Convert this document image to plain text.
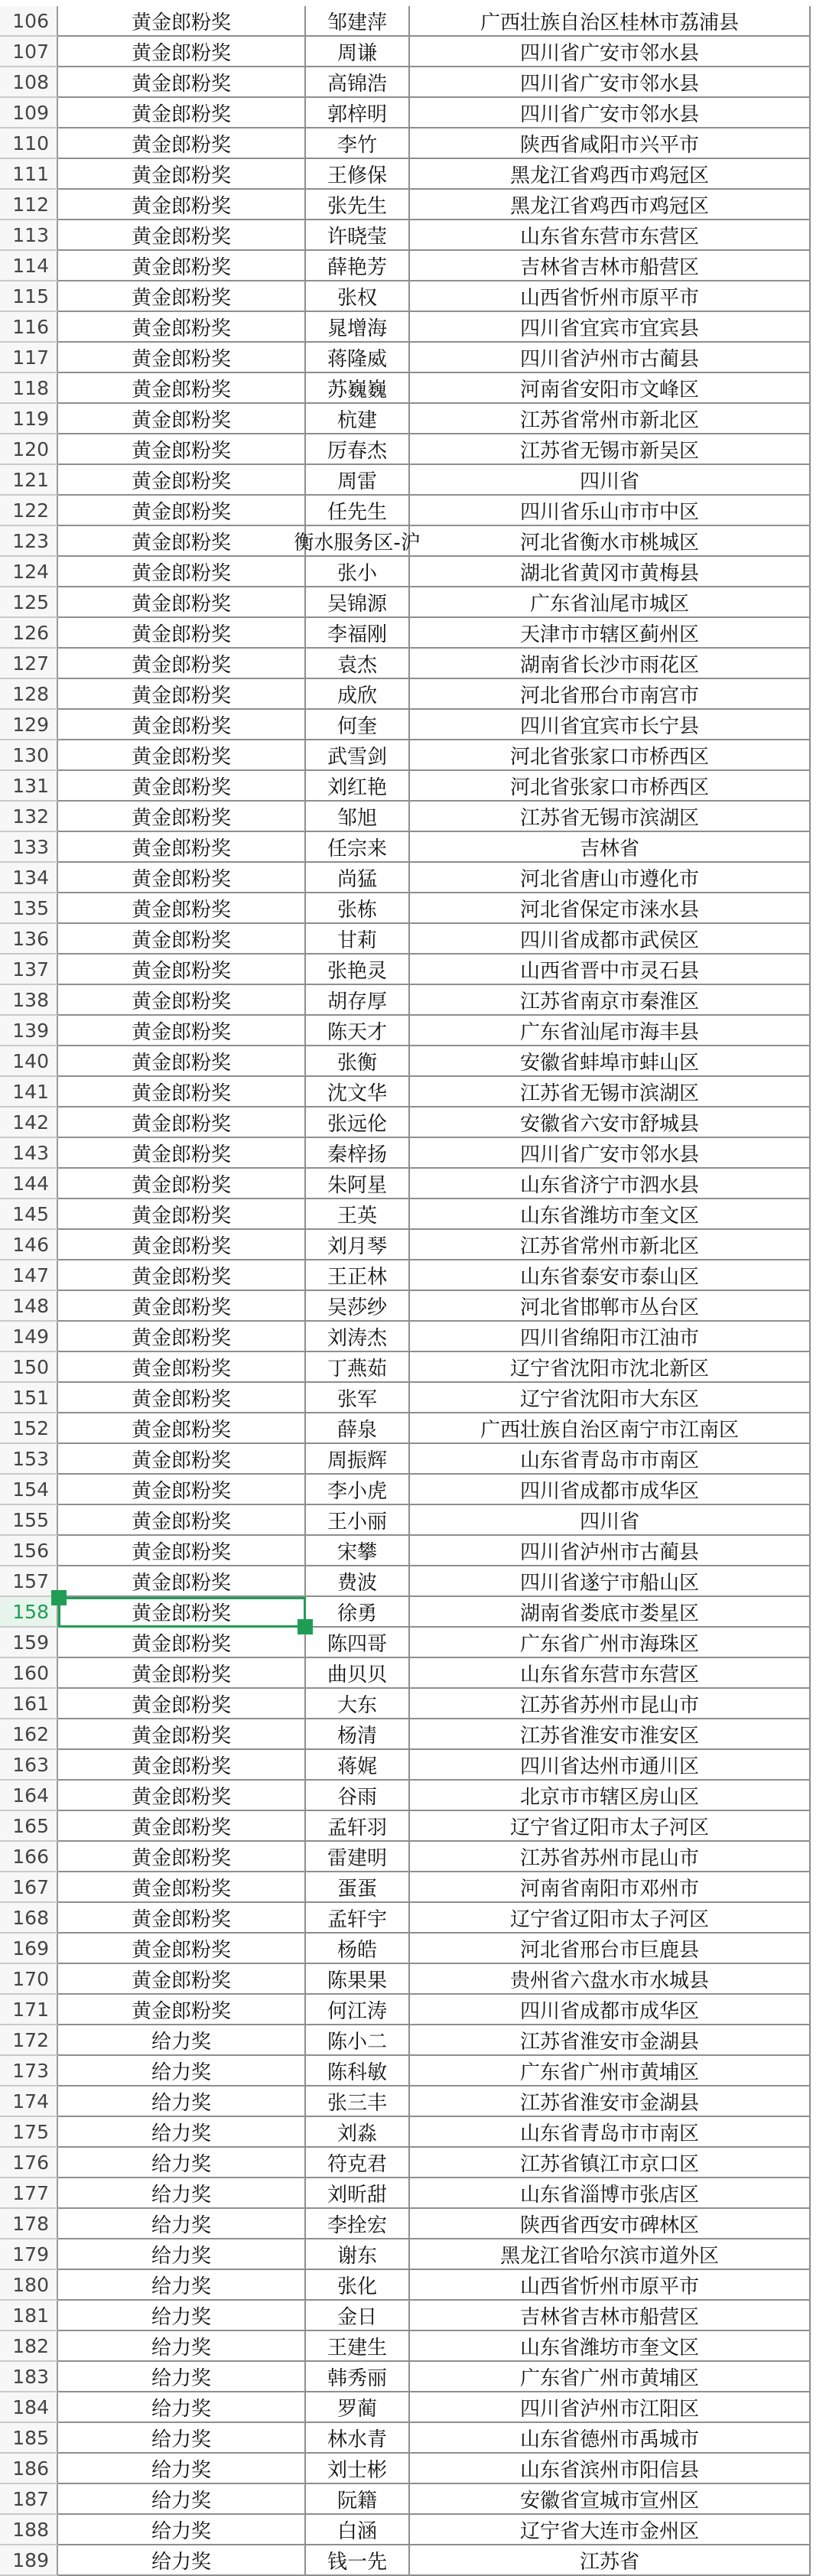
106	黄金郎粉奖	邹建萍	广西壮族自治区桂林市荔浦县
107	黄金郎粉奖	周谦	四川省广安市邻水县
108	黄金郎粉奖	高锦浩	四川省广安市邻水县
109	黄金郎粉奖	郭梓明	四川省广安市邻水县
110	黄金郎粉奖	李竹	陕西省咸阳市兴平市
111	黄金郎粉奖	王修保	黑龙江省鸡西市鸡冠区
112	黄金郎粉奖	张先生	黑龙江省鸡西市鸡冠区
113	黄金郎粉奖	许晓莹	山东省东营市东营区
114	黄金郎粉奖	薛艳芳	吉林省吉林市船营区
115	黄金郎粉奖	张权	山西省忻州市原平市
116	黄金郎粉奖	晁增海	四川省宜宾市宜宾县
117	黄金郎粉奖	蒋隆威	四川省泸州市古蔺县
118	黄金郎粉奖	苏巍巍	河南省安阳市文峰区
119	黄金郎粉奖	杭建	江苏省常州市新北区
120	黄金郎粉奖	厉春杰	江苏省无锡市新吴区
121	黄金郎粉奖	周雷	四川省
122	黄金郎粉奖	任先生	四川省乐山市市中区
123	黄金郎粉奖	衡水服务区-沪	河北省衡水市桃城区
124	黄金郎粉奖	张小	湖北省黄冈市黄梅县
125	黄金郎粉奖	吴锦源	广东省汕尾市城区
126	黄金郎粉奖	李福刚	天津市市辖区蓟州区
127	黄金郎粉奖	袁杰	湖南省长沙市雨花区
128	黄金郎粉奖	成欣	河北省邢台市南宫市
129	黄金郎粉奖	何奎	四川省宜宾市长宁县
130	黄金郎粉奖	武雪剑	河北省张家口市桥西区
131	黄金郎粉奖	刘红艳	河北省张家口市桥西区
132	黄金郎粉奖	邹旭	江苏省无锡市滨湖区
133	黄金郎粉奖	任宗来	吉林省
134	黄金郎粉奖	尚猛	河北省唐山市遵化市
135	黄金郎粉奖	张栋	河北省保定市涞水县
136	黄金郎粉奖	甘莉	四川省成都市武侯区
137	黄金郎粉奖	张艳灵	山西省晋中市灵石县
138	黄金郎粉奖	胡存厚	江苏省南京市秦淮区
139	黄金郎粉奖	陈天才	广东省汕尾市海丰县
140	黄金郎粉奖	张衡	安徽省蚌埠市蚌山区
141	黄金郎粉奖	沈文华	江苏省无锡市滨湖区
142	黄金郎粉奖	张远伦	安徽省六安市舒城县
143	黄金郎粉奖	秦梓扬	四川省广安市邻水县
144	黄金郎粉奖	朱阿星	山东省济宁市泗水县
145	黄金郎粉奖	王英	山东省潍坊市奎文区
146	黄金郎粉奖	刘月琴	江苏省常州市新北区
147	黄金郎粉奖	王正林	山东省泰安市泰山区
148	黄金郎粉奖	吴莎纱	河北省邯郸市丛台区
149	黄金郎粉奖	刘涛杰	四川省绵阳市江油市
150	黄金郎粉奖	丁燕茹	辽宁省沈阳市沈北新区
151	黄金郎粉奖	张军	辽宁省沈阳市大东区
152	黄金郎粉奖	薛泉	广西壮族自治区南宁市江南区
153	黄金郎粉奖	周振辉	山东省青岛市市南区
154	黄金郎粉奖	李小虎	四川省成都市成华区
155	黄金郎粉奖	王小丽	四川省
156	黄金郎粉奖	宋攀	四川省泸州市古蔺县
157	黄金郎粉奖	费波	四川省遂宁市船山区
158	黄金郎粉奖	徐勇	湖南省娄底市娄星区
159	黄金郎粉奖	陈四哥	广东省广州市海珠区
160	黄金郎粉奖	曲贝贝	山东省东营市东营区
161	黄金郎粉奖	大东	江苏省苏州市昆山市
162	黄金郎粉奖	杨清	江苏省淮安市淮安区
163	黄金郎粉奖	蒋娓	四川省达州市通川区
164	黄金郎粉奖	谷雨	北京市市辖区房山区
165	黄金郎粉奖	孟轩羽	辽宁省辽阳市太子河区
166	黄金郎粉奖	雷建明	江苏省苏州市昆山市
167	黄金郎粉奖	蛋蛋	河南省南阳市邓州市
168	黄金郎粉奖	孟轩宇	辽宁省辽阳市太子河区
169	黄金郎粉奖	杨皓	河北省邢台市巨鹿县
170	黄金郎粉奖	陈果果	贵州省六盘水市水城县
171	黄金郎粉奖	何江涛	四川省成都市成华区
172	给力奖	陈小二	江苏省淮安市金湖县
173	给力奖	陈科敏	广东省广州市黄埔区
174	给力奖	张三丰	江苏省淮安市金湖县
175	给力奖	刘淼	山东省青岛市市南区
176	给力奖	符克君	江苏省镇江市京口区
177	给力奖	刘昕甜	山东省淄博市张店区
178	给力奖	李拴宏	陕西省西安市碑林区
179	给力奖	谢东	黑龙江省哈尔滨市道外区
180	给力奖	张化	山西省忻州市原平市
181	给力奖	金日	吉林省吉林市船营区
182	给力奖	王建生	山东省潍坊市奎文区
183	给力奖	韩秀丽	广东省广州市黄埔区
184	给力奖	罗蔺	四川省泸州市江阳区
185	给力奖	林水青	山东省德州市禹城市
186	给力奖	刘士彬	山东省滨州市阳信县
187	给力奖	阮籍	安徽省宣城市宣州区
188	给力奖	白涵	辽宁省大连市金州区
189	给力奖	钱一先	江苏省
